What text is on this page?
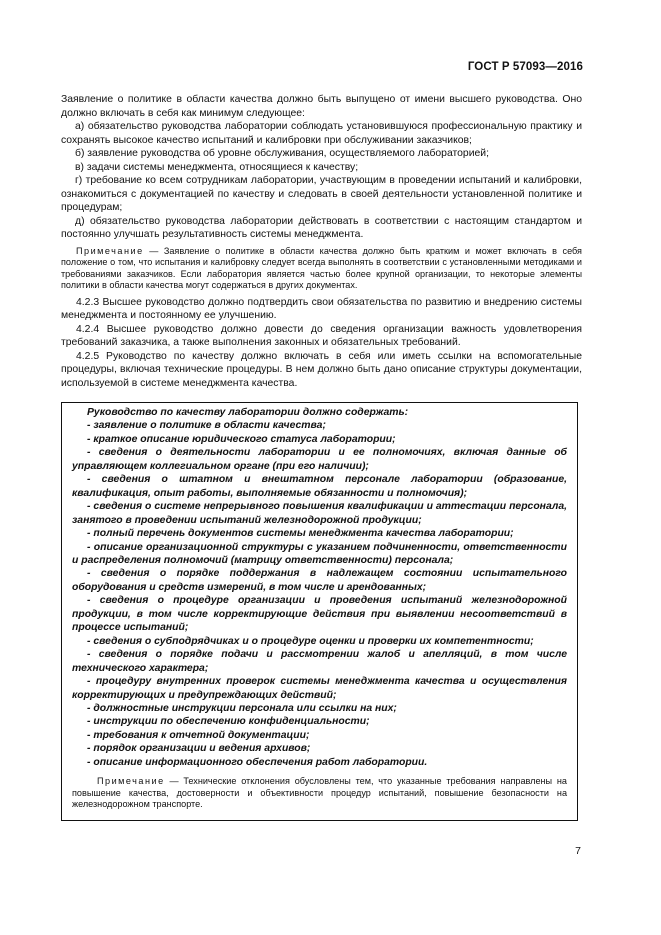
ГОСТ Р 57093—2016

Заявление о политике в области качества должно быть выпущено от имени высшего руководства. Оно должно включать в себя как минимум следующее:

а) обязательство руководства лаборатории соблюдать установившуюся профессиональную практику и сохранять высокое качество испытаний и калибровки при обслуживании заказчиков;

б) заявление руководства об уровне обслуживания, осуществляемого лабораторией;

в) задачи системы менеджмента, относящиеся к качеству;

г) требование ко всем сотрудникам лаборатории, участвующим в проведении испытаний и калибровки, ознакомиться с документацией по качеству и следовать в своей деятельности установленной политике и процедурам;

д) обязательство руководства лаборатории действовать в соответствии с настоящим стандартом и постоянно улучшать результативность системы менеджмента.

Примечание — Заявление о политике в области качества должно быть кратким и может включать в себя положение о том, что испытания и калибровку следует всегда выполнять в соответствии с установленными методиками и требованиями заказчиков. Если лаборатория является частью более крупной организации, то некоторые элементы политики в области качества могут содержаться в других документах.

4.2.3 Высшее руководство должно подтвердить свои обязательства по развитию и внедрению системы менеджмента и постоянному ее улучшению.

4.2.4 Высшее руководство должно довести до сведения организации важность удовлетворения требований заказчика, а также выполнения законных и обязательных требований.

4.2.5 Руководство по качеству должно включать в себя или иметь ссылки на вспомогательные процедуры, включая технические процедуры. В нем должно быть дано описание структуры документации, используемой в системе менеджмента качества.

Руководство по качеству лаборатории должно содержать:

- заявление о политике в области качества;

- краткое описание юридического статуса лаборатории;

- сведения о деятельности лаборатории и ее полномочиях, включая данные об управляющем коллегиальном органе (при его наличии);

- сведения о штатном и внештатном персонале лаборатории (образование, квалификация, опыт работы, выполняемые обязанности и полномочия);

- сведения о системе непрерывного повышения квалификации и аттестации персонала, занятого в проведении испытаний железнодорожной продукции;

- полный перечень документов системы менеджмента качества лаборатории;

- описание организационной структуры с указанием подчиненности, ответственности и распределения полномочий (матрицу ответственности) персонала;

- сведения о порядке поддержания в надлежащем состоянии испытательного оборудования и средств измерений, в том числе и арендованных;

- сведения о процедуре организации и проведения испытаний железнодорожной продукции, в том числе корректирующие действия при выявлении несоответствий в процессе испытаний;

- сведения о субподрядчиках и о процедуре оценки и проверки их компетентности;

- сведения о порядке подачи и рассмотрении жалоб и апелляций, в том числе технического характера;

- процедуру внутренних проверок системы менеджмента качества и осуществления корректирующих и предупреждающих действий;

- должностные инструкции персонала или ссылки на них;

- инструкции по обеспечению конфиденциальности;

- требования к отчетной документации;

- порядок организации и ведения архивов;

- описание информационного обеспечения работ лаборатории.

Примечание — Технические отклонения обусловлены тем, что указанные требования направлены на повышение качества, достоверности и объективности процедур испытаний, повышение безопасности на железнодорожном транспорте.

7
